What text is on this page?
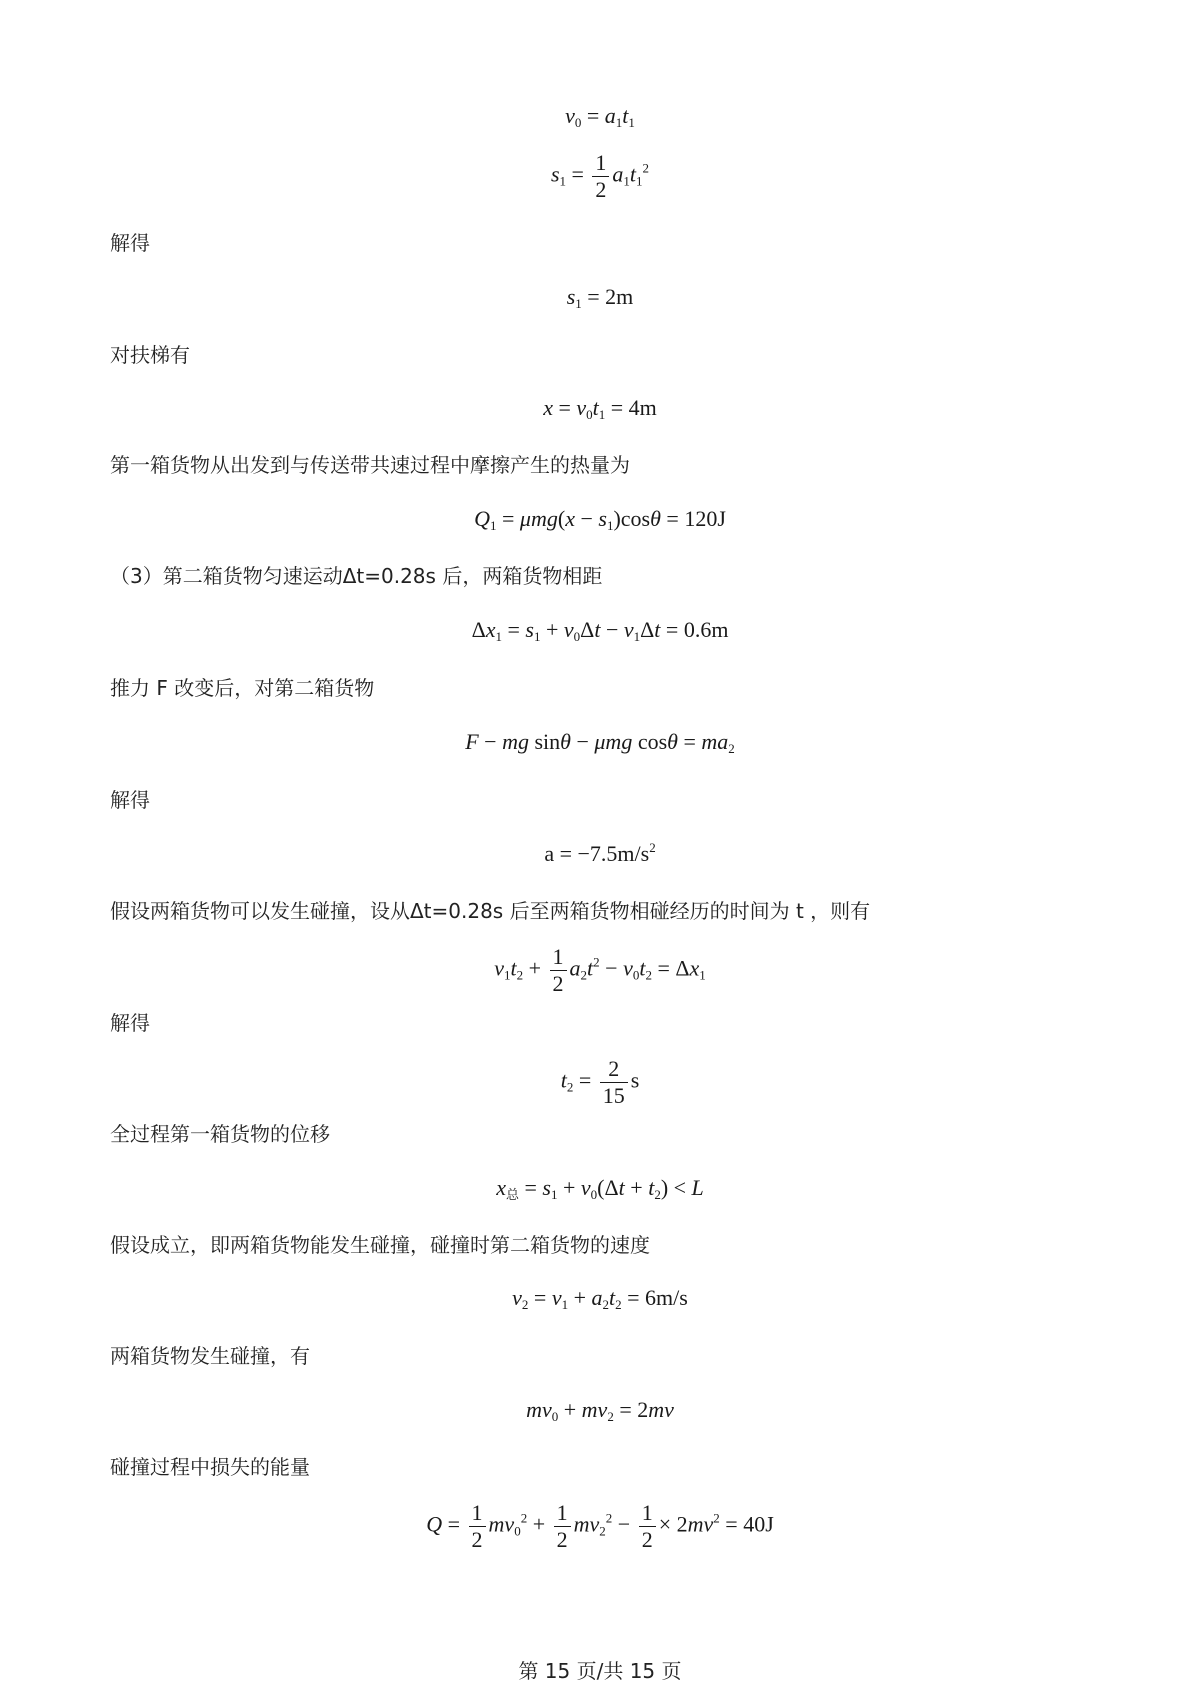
$v_0 = a_1t_1$
$s_1 = \frac{1}{2} a_1t_1^2$
解得
$s_1 = 2m$
对扶梯有
$x = v_0t_1 = 4m$
第一箱货物从出发到与传送带共速过程中摩擦产生的热量为
$Q_1 = \mu mg(x - s_1)\cos\theta = 120J$
（3）第二箱货物匀速运动Δt=0.28s 后，两箱货物相距
$\Delta x_1 = s_1 + v_0\Delta t - v_1\Delta t = 0.6m$
推力 F 改变后，对第二箱货物
F − mg sinθ − μmg $\cos\theta = ma_2$
解得
$a = -7.5m/s^2$
假设两箱货物可以发生碰撞，设从Δt=0.28s 后至两箱货物相碰经历的时间为 t ，则有
$v_1t_2 + \frac{1}{2} a_2t^2 - v_0t_2 = \Delta x_1$
解得
$t_2 = \frac{2}{15}$ s
全过程第一箱货物的位移
$x_总 = s_1 + v_0(\Delta t + t_2) < L$
假设成立，即两箱货物能发生碰撞，碰撞时第二箱货物的速度
$v_2 = v_1 + a_2t_2 = 6m/s$
两箱货物发生碰撞，有
$mv_0 + mv_2 = 2mv$
碰撞过程中损失的能量
$Q = \frac{1}{2} mv_0^2 + \frac{1}{2} mv_2^2 - \frac{1}{2} \times 2mv^2 = 40J$
第 15 页/共 15 页
